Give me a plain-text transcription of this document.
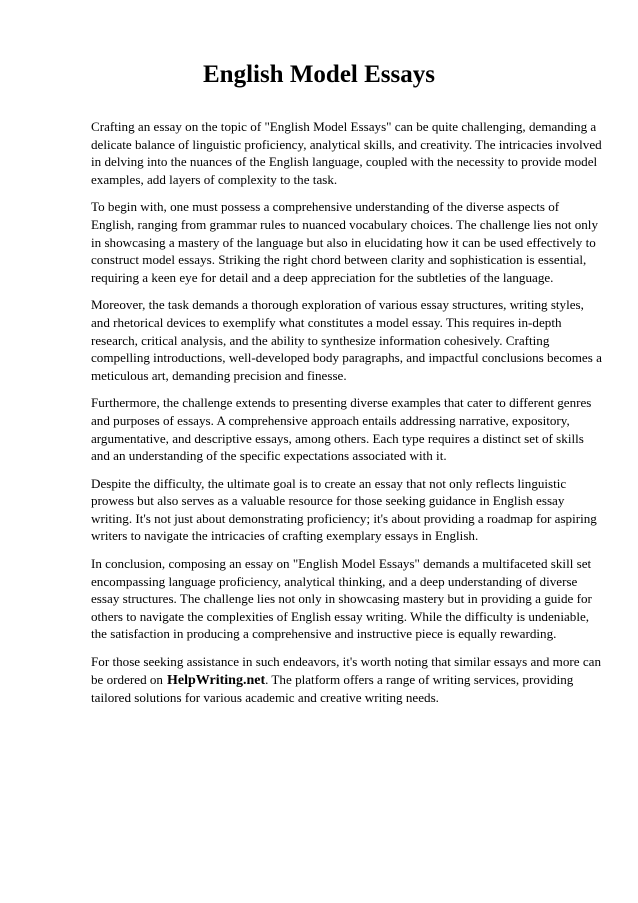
English Model Essays

Crafting an essay on the topic of "English Model Essays" can be quite challenging, demanding a delicate balance of linguistic proficiency, analytical skills, and creativity. The intricacies involved in delving into the nuances of the English language, coupled with the necessity to provide model examples, add layers of complexity to the task.

To begin with, one must possess a comprehensive understanding of the diverse aspects of English, ranging from grammar rules to nuanced vocabulary choices. The challenge lies not only in showcasing a mastery of the language but also in elucidating how it can be used effectively to construct model essays. Striking the right chord between clarity and sophistication is essential, requiring a keen eye for detail and a deep appreciation for the subtleties of the language.

Moreover, the task demands a thorough exploration of various essay structures, writing styles, and rhetorical devices to exemplify what constitutes a model essay. This requires in-depth research, critical analysis, and the ability to synthesize information cohesively. Crafting compelling introductions, well-developed body paragraphs, and impactful conclusions becomes a meticulous art, demanding precision and finesse.

Furthermore, the challenge extends to presenting diverse examples that cater to different genres and purposes of essays. A comprehensive approach entails addressing narrative, expository, argumentative, and descriptive essays, among others. Each type requires a distinct set of skills and an understanding of the specific expectations associated with it.

Despite the difficulty, the ultimate goal is to create an essay that not only reflects linguistic prowess but also serves as a valuable resource for those seeking guidance in English essay writing. It's not just about demonstrating proficiency; it's about providing a roadmap for aspiring writers to navigate the intricacies of crafting exemplary essays in English.

In conclusion, composing an essay on "English Model Essays" demands a multifaceted skill set encompassing language proficiency, analytical thinking, and a deep understanding of diverse essay structures. The challenge lies not only in showcasing mastery but in providing a guide for others to navigate the complexities of English essay writing. While the difficulty is undeniable, the satisfaction in producing a comprehensive and instructive piece is equally rewarding.

For those seeking assistance in such endeavors, it's worth noting that similar essays and more can be ordered on HelpWriting.net. The platform offers a range of writing services, providing tailored solutions for various academic and creative writing needs.
